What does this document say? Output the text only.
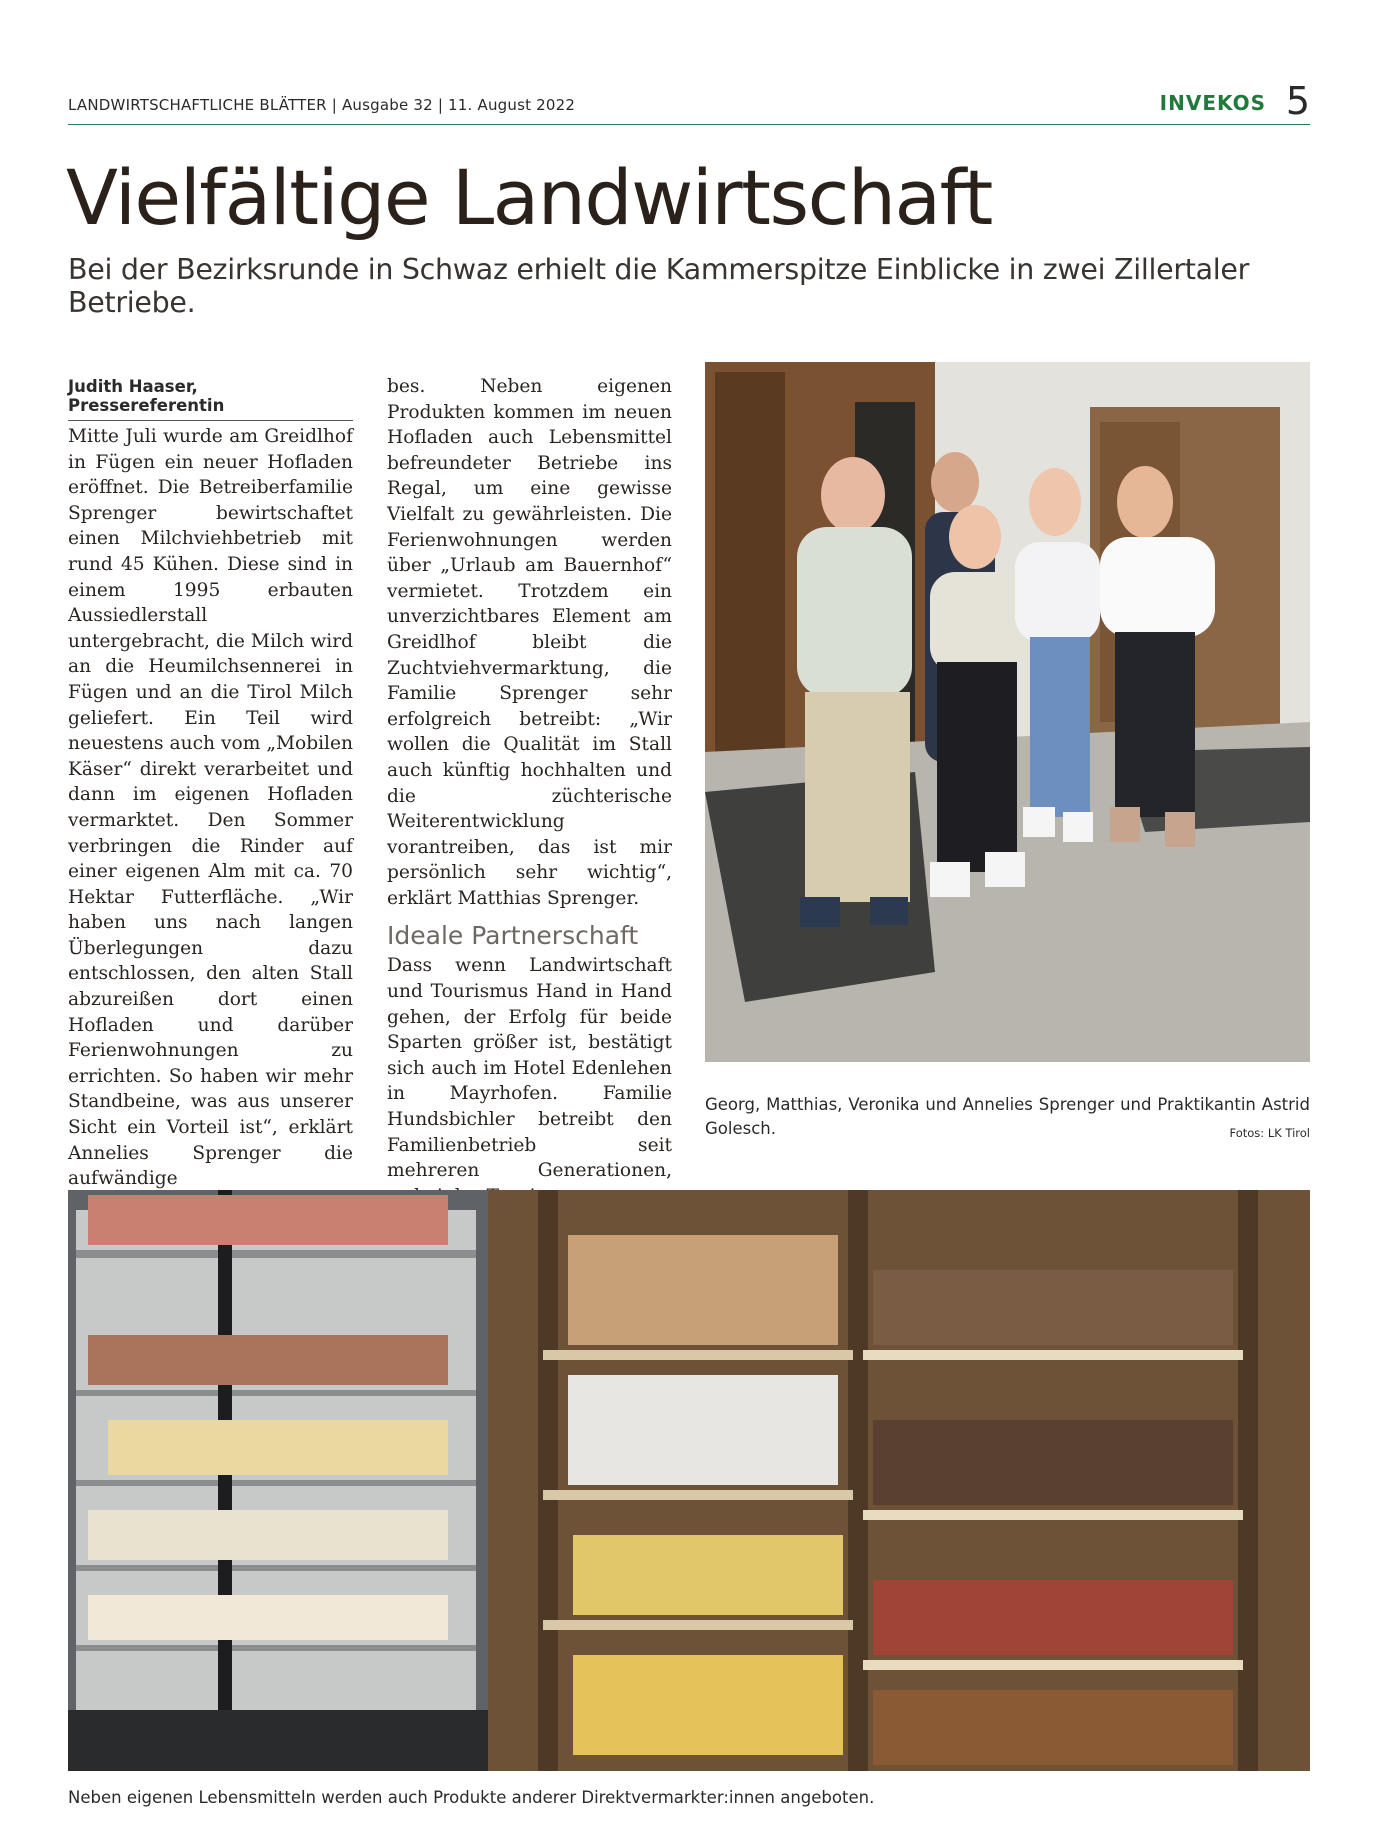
LANDWIRTSCHAFTLICHE BLÄTTER | Ausgabe 32 | 11. August 2022	INVEKOS 5
Vielfältige Landwirtschaft
Bei der Bezirksrunde in Schwaz erhielt die Kammerspitze Einblicke in zwei Zillertaler Betriebe.
Judith Haaser, Pressereferentin

Mitte Juli wurde am Greidlhof in Fügen ein neuer Hofladen eröffnet. Die Betreiberfamilie Sprenger bewirtschaftet einen Milchviehbetrieb mit rund 45 Kühen. Diese sind in einem 1995 erbauten Aussiedlerstall untergebracht, die Milch wird an die Heumilchsennerei in Fügen und an die Tirol Milch geliefert. Ein Teil wird neuestens auch vom „Mobilen Käser“ direkt verarbeitet und dann im eigenen Hofladen vermarktet. Den Sommer verbringen die Rinder auf einer eigenen Alm mit ca. 70 Hektar Futterfläche. „Wir haben uns nach langen Überlegungen dazu entschlossen, den alten Stall abzureißen dort einen Hofladen und darüber Ferienwohnungen zu errichten. So haben wir mehr Standbeine, was aus unserer Sicht ein Vorteil ist“, erklärt Annelies Sprenger die aufwändige

bes. Neben eigenen Produkten kommen im neuen Hofladen auch Lebensmittel befreundeter Betriebe ins Regal, um eine gewisse Vielfalt zu gewährleisten. Die Ferienwohnungen werden über „Urlaub am Bauernhof“ vermietet. Trotzdem ein unverzichtbares Element am Greidlhof bleibt die Zuchtviehvermarktung, die Familie Sprenger sehr erfolgreich betreibt: „Wir wollen die Qualität im Stall auch künftig hochhalten und die züchterische Weiterentwicklung vorantreiben, das ist mir persönlich sehr wichtig“, erklärt Matthias Sprenger.

Ideale Partnerschaft

Dass wenn Landwirtschaft und Tourismus Hand in Hand gehen, der Erfolg für beide Sparten größer ist, bestätigt sich auch im Hotel Edenlehen in Mayrhofen. Familie Hundsbichler betreibt den Familienbetrieb seit mehreren Generationen,

Georg, Matthias, Veronika und Annelies Sprenger und Praktikantin Astrid Golesch.	Fotos: LK Tirol
Neben eigenen Lebensmitteln werden auch Produkte anderer Direktvermarkter:innen angeboten.
